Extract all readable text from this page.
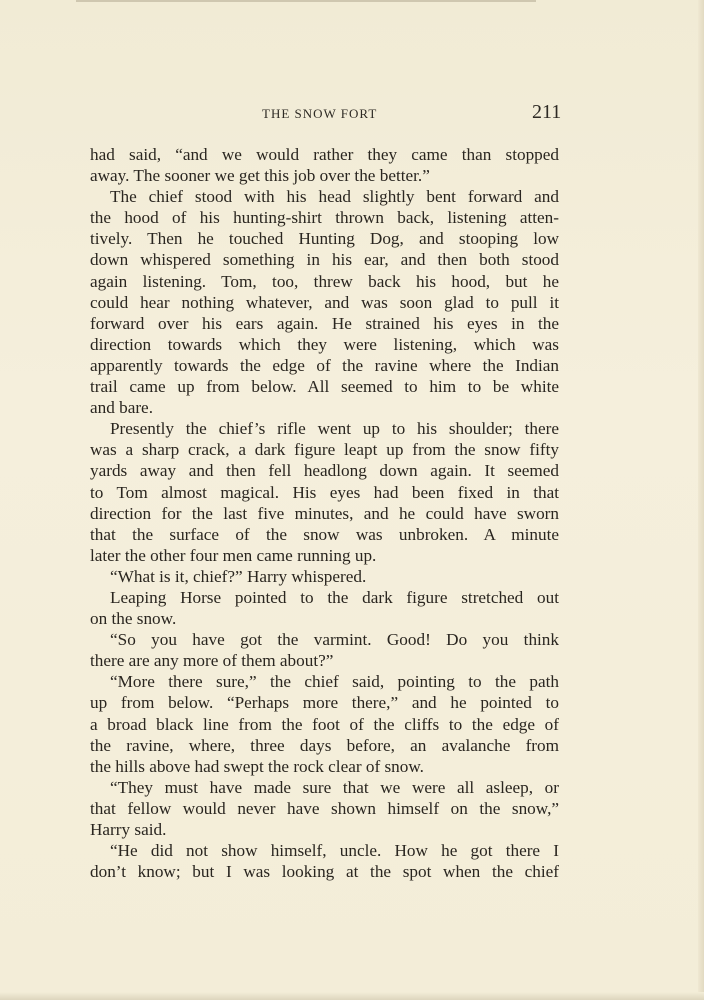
THE SNOW FORT	211
had said, “and we would rather they came than stopped
away. The sooner we get this job over the better.”
The chief stood with his head slightly bent forward and
the hood of his hunting-shirt thrown back, listening atten-
tively. Then he touched Hunting Dog, and stooping low
down whispered something in his ear, and then both stood
again listening. Tom, too, threw back his hood, but he
could hear nothing whatever, and was soon glad to pull it
forward over his ears again. He strained his eyes in the
direction towards which they were listening, which was
apparently towards the edge of the ravine where the Indian
trail came up from below. All seemed to him to be white
and bare.
Presently the chief’s rifle went up to his shoulder; there
was a sharp crack, a dark figure leapt up from the snow fifty
yards away and then fell headlong down again. It seemed
to Tom almost magical. His eyes had been fixed in that
direction for the last five minutes, and he could have sworn
that the surface of the snow was unbroken. A minute
later the other four men came running up.
“What is it, chief?” Harry whispered.
Leaping Horse pointed to the dark figure stretched out
on the snow.
“So you have got the varmint. Good! Do you think
there are any more of them about?”
“More there sure,” the chief said, pointing to the path
up from below. “Perhaps more there,” and he pointed to
a broad black line from the foot of the cliffs to the edge of
the ravine, where, three days before, an avalanche from
the hills above had swept the rock clear of snow.
“They must have made sure that we were all asleep, or
that fellow would never have shown himself on the snow,”
Harry said.
“He did not show himself, uncle. How he got there I
don’t know; but I was looking at the spot when the chief
